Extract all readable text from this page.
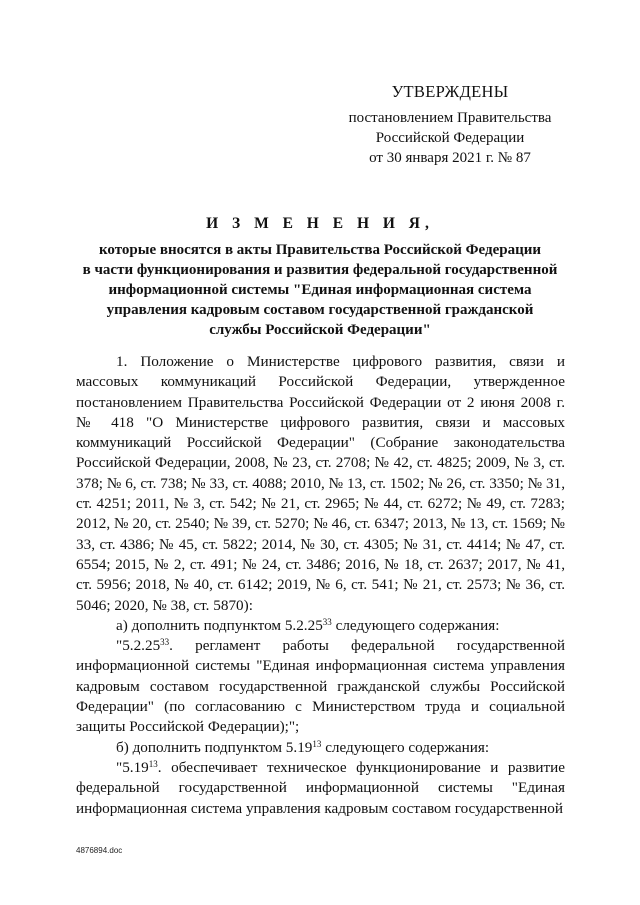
УТВЕРЖДЕНЫ
постановлением Правительства
Российской Федерации
от 30 января 2021 г. № 87
И З М Е Н Е Н И Я,
которые вносятся в акты Правительства Российской Федерации
в части функционирования и развития федеральной государственной
информационной системы "Единая информационная система
управления кадровым составом государственной гражданской
службы Российской Федерации"

1. Положение о Министерстве цифрового развития, связи и массовых коммуникаций Российской Федерации, утвержденное постановлением Правительства Российской Федерации от 2 июня 2008 г. № 418 "О Министерстве цифрового развития, связи и массовых коммуникаций Российской Федерации" (Собрание законодательства Российской Федерации, 2008, № 23, ст. 2708; № 42, ст. 4825; 2009, № 3, ст. 378; № 6, ст. 738; № 33, ст. 4088; 2010, № 13, ст. 1502; № 26, ст. 3350; № 31, ст. 4251; 2011, № 3, ст. 542; № 21, ст. 2965; № 44, ст. 6272; № 49, ст. 7283; 2012, № 20, ст. 2540; № 39, ст. 5270; № 46, ст. 6347; 2013, № 13, ст. 1569; № 33, ст. 4386; № 45, ст. 5822; 2014, № 30, ст. 4305; № 31, ст. 4414; № 47, ст. 6554; 2015, № 2, ст. 491; № 24, ст. 3486; 2016, № 18, ст. 2637; 2017, № 41, ст. 5956; 2018, № 40, ст. 6142; 2019, № 6, ст. 541; № 21, ст. 2573; № 36, ст. 5046; 2020, № 38, ст. 5870):

а) дополнить подпунктом 5.2.25$^{33}$ следующего содержания:

"5.2.25$^{33}$. регламент работы федеральной государственной информационной системы "Единая информационная система управления кадровым составом государственной гражданской службы Российской Федерации" (по согласованию с Министерством труда и социальной защиты Российской Федерации);";

б) дополнить подпунктом 5.19$^{13}$ следующего содержания:

"5.19$^{13}$. обеспечивает техническое функционирование и развитие федеральной государственной информационной системы "Единая информационная система управления кадровым составом государственной

4876894.doc
